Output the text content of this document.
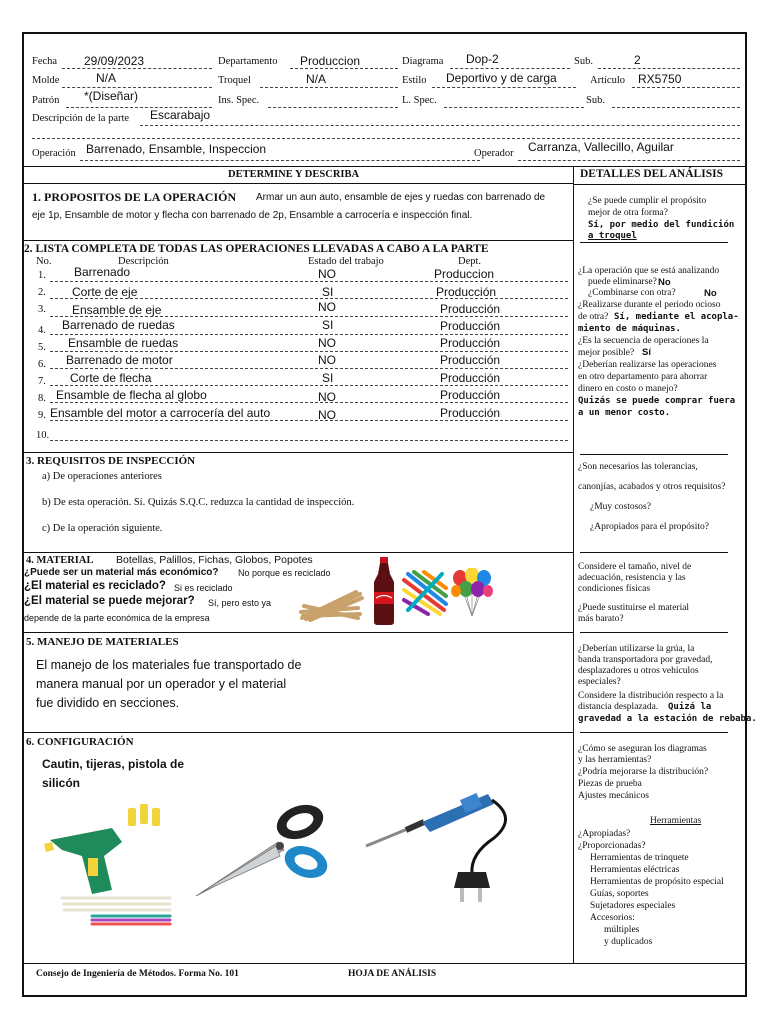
Fecha 29/09/2023	Departamento Produccion	Diagrama Dop-2	Sub.	2
Molde	N/A	Troquel	N/A	Estilo Deportivo y de carga	Artículo RX5750
Patrón *(Diseñar)	Ins. Spec.	L. Spec.	Sub.
Descripción de la parte Escarabajo
Operación Barrenado, Ensamble, Inspeccion	Operador Carranza, Vallecillo, Aguilar
DETERMINE Y DESCRIBA	DETALLES DEL ANÁLISIS
1. PROPOSITOS DE LA OPERACIÓN Armar un aun auto, ensamble de ejes y ruedas con barrenado de
eje 1p, Ensamble de motor y flecha con barrenado de 2p, Ensamble a carrocería e inspección final.
2. LISTA COMPLETA DE TODAS LAS OPERACIONES LLEVADAS A CABO A LA PARTE
No.	Descripción	Estado del trabajo	Dept.
1. Barrenado	NO	Produccion
2. Corte de eje	SI	Producción
3. Ensamble de eje	NO	Producción
4. Barrenado de ruedas	SI	Producción
5. Ensamble de ruedas	NO	Producción
6. Barrenado de motor	NO	Producción
7. Corte de flecha	SI	Producción
8. Ensamble de flecha al globo	NO	Producción
9. Ensamble del motor a carrocería del auto	NO	Producción
10.
3. REQUISITOS DE INSPECCIÓN
a) De operaciones anteriores
b) De esta operación. Sí. Quizás S.Q.C. reduzca la cantidad de inspección.
c) De la operación siguiente.
4. MATERIAL Botellas, Palillos, Fichas, Globos, Popotes
¿Puede ser un material más económico? No porque es reciclado
¿El material es reciclado? Si es reciclado
¿El material se puede mejorar? Sí, pero esto ya
depende de la parte económica de la empresa
5. MANEJO DE MATERIALES
El manejo de los materiales fue transportado de
manera manual por un operador y el material
fue dividido en secciones.
6. CONFIGURACIÓN
Cautin, tijeras, pistola de
silicón
¿Se puede cumplir el propósito
mejor de otra forma?
Sí, por medio del fundición
a troquel
¿La operación que se está analizando
puede eliminarse? No
¿Combinarse con otra?	No
¿Realizarse durante el periodo ocioso
de otra? Sí, mediante el acopla-
miento de máquinas.
¿Es la secuencia de operaciones la
mejor posible? Sí
¿Deberían realizarse las operaciones
en otro departamento para ahorrar
dinero en costo o manejo?
Quizás se puede comprar fuera
a un menor costo.
¿Son necesarios las tolerancias,
canonjías, acabados y otros requisitos?
¿Muy costosos?
¿Apropiados para el propósito?
Considere el tamaño, nivel de
adecuación, resistencia y las
condiciones físicas
¿Puede sustituirse el material
más barato?
¿Deberían utilizarse la grúa, la
banda transportadora por gravedad,
desplazadores u otros vehículos
especiales?
Considere la distribución respecto a la
distancia desplazada. Quizá la
gravedad a la estación de rebaba.
¿Cómo se aseguran los diagramas
y las herramientas?
¿Podría mejorarse la distribución?
Piezas de prueba
Ajustes mecánicos
Herramientas
¿Apropiadas?
¿Proporcionadas?
Herramientas de trinquete
Herramientas eléctricas
Herramientas de propósito especial
Guías, soportes
Sujetadores especiales
Accesorios:
múltiples
y duplicados
Consejo de Ingeniería de Métodos. Forma No. 101	HOJA DE ANÁLISIS
